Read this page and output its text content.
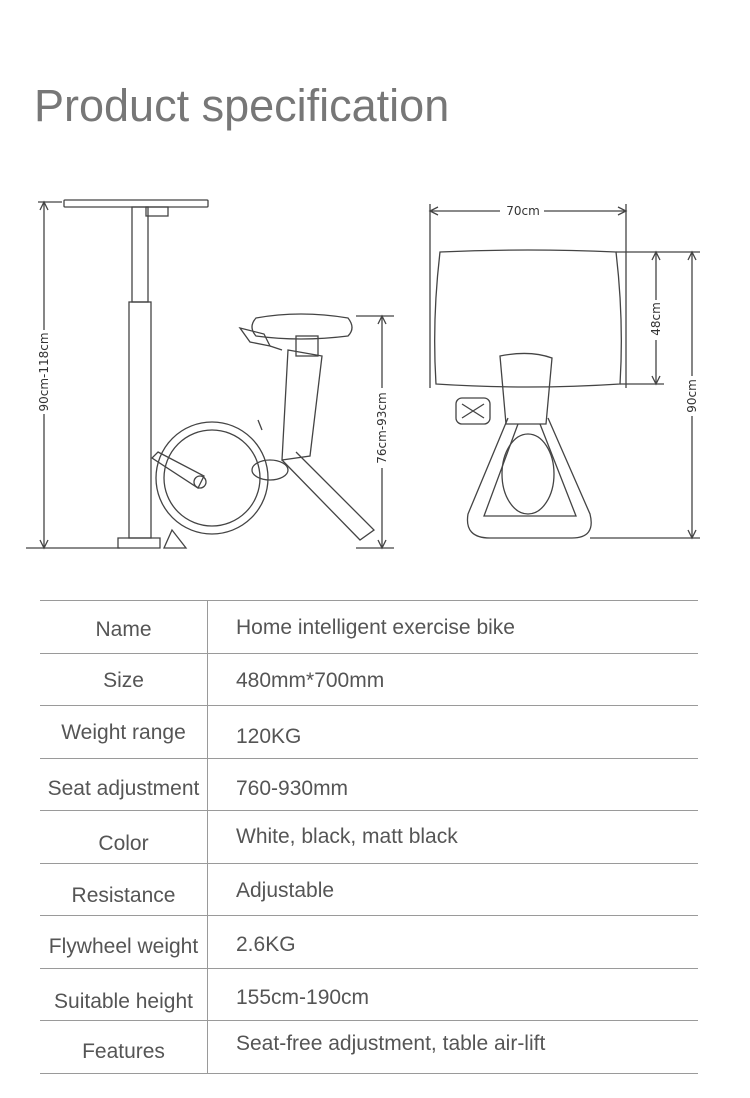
Product specification
90cm-118cm
76cm-93cm
70cm
48cm
90cm
Name	Home intelligent exercise bike
Size	480mm*700mm
Weight range	120KG
Seat adjustment	760-930mm
Color	White, black, matt black
Resistance	Adjustable
Flywheel weight	2.6KG
Suitable height	155cm-190cm
Features	Seat-free adjustment, table air-lift
